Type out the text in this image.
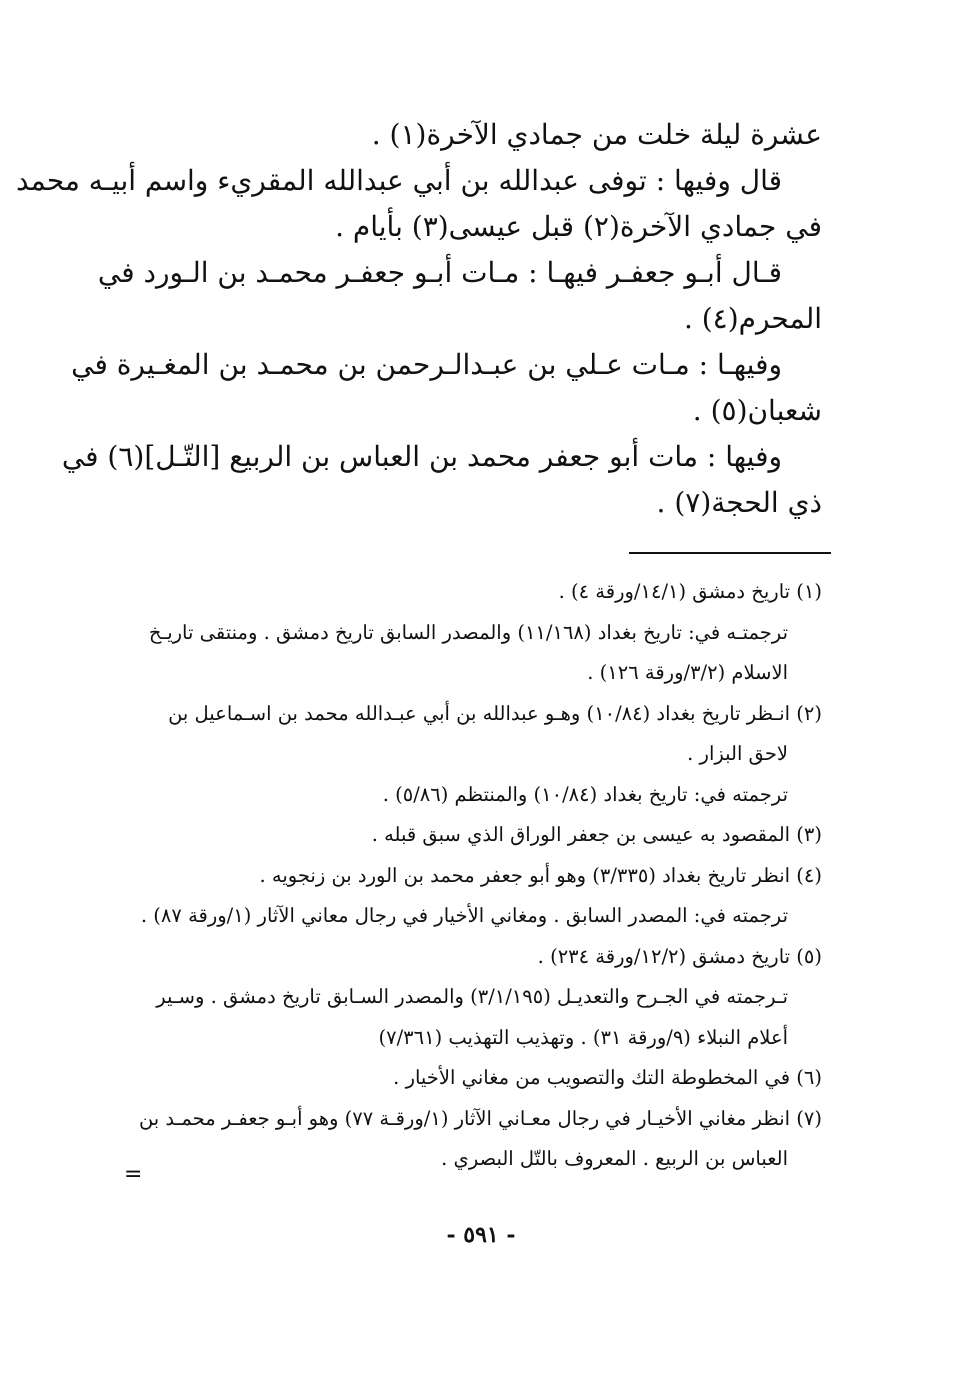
عشرة ليلة خلت من جمادي الآخرة(١) .
قال وفيها : توفى عبدالله بن أبي عبدالله المقريء واسم أبيـه محمد
في جمادي الآخرة(٢) قبل عيسى(٣) بأيام .
قـال أبـو جعفـر فيهـا : مـات أبـو جعفـر محمـد بن الـورد في
المحرم(٤) .
وفيهـا : مـات عـلي بن عبـدالـرحمن بن محمـد بن المغـيرة في
شعبان(٥) .
وفيها : مات أبو جعفر محمد بن العباس بن الربيع [التّـل](٦) في
ذي الحجة(٧) .
(١) تاريخ دمشق (١٤/١/ورقة ٤) .
ترجمتـه في: تاريخ بغداد (١١/١٦٨) والمصدر السابق تاريخ دمشق . ومنتقى تاريـخ
الاسلام (٣/٢/ورقة ١٢٦) .
(٢) انـظر تاريخ بغداد (١٠/٨٤) وهـو عبدالله بن أبي عبـدالله محمد بن اسـماعيل بن
لاحق البزار .
ترجمته في: تاريخ بغداد (١٠/٨٤) والمنتظم (٥/٨٦) .
(٣) المقصود به عيسى بن جعفر الوراق الذي سبق قبله .
(٤) انظر تاريخ بغداد (٣/٣٣٥) وهو أبو جعفر محمد بن الورد بن زنجويه .
ترجمته في: المصدر السابق . ومغاني الأخيار في رجال معاني الآثار (١/ورقة ٨٧) .
(٥) تاريخ دمشق (١٢/٢/ورقة ٢٣٤) .
تـرجمته في الجـرح والتعديـل (٣/١/١٩٥) والمصدر السـابق تاريخ دمشق . وسـير
أعلام النبلاء (٩/ورقة ٣١) . وتهذيب التهذيب (٧/٣٦١)
(٦) في المخطوطة التك والتصويب من مغاني الأخيار .
(٧) انظر مغاني الأخيـار في رجال معـاني الآثار (١/ورقـة ٧٧) وهو أبـو جعفـر محمـد بن
العباس بن الربيع . المعروف بالتّل البصري .
=
- ٥٩١ -
